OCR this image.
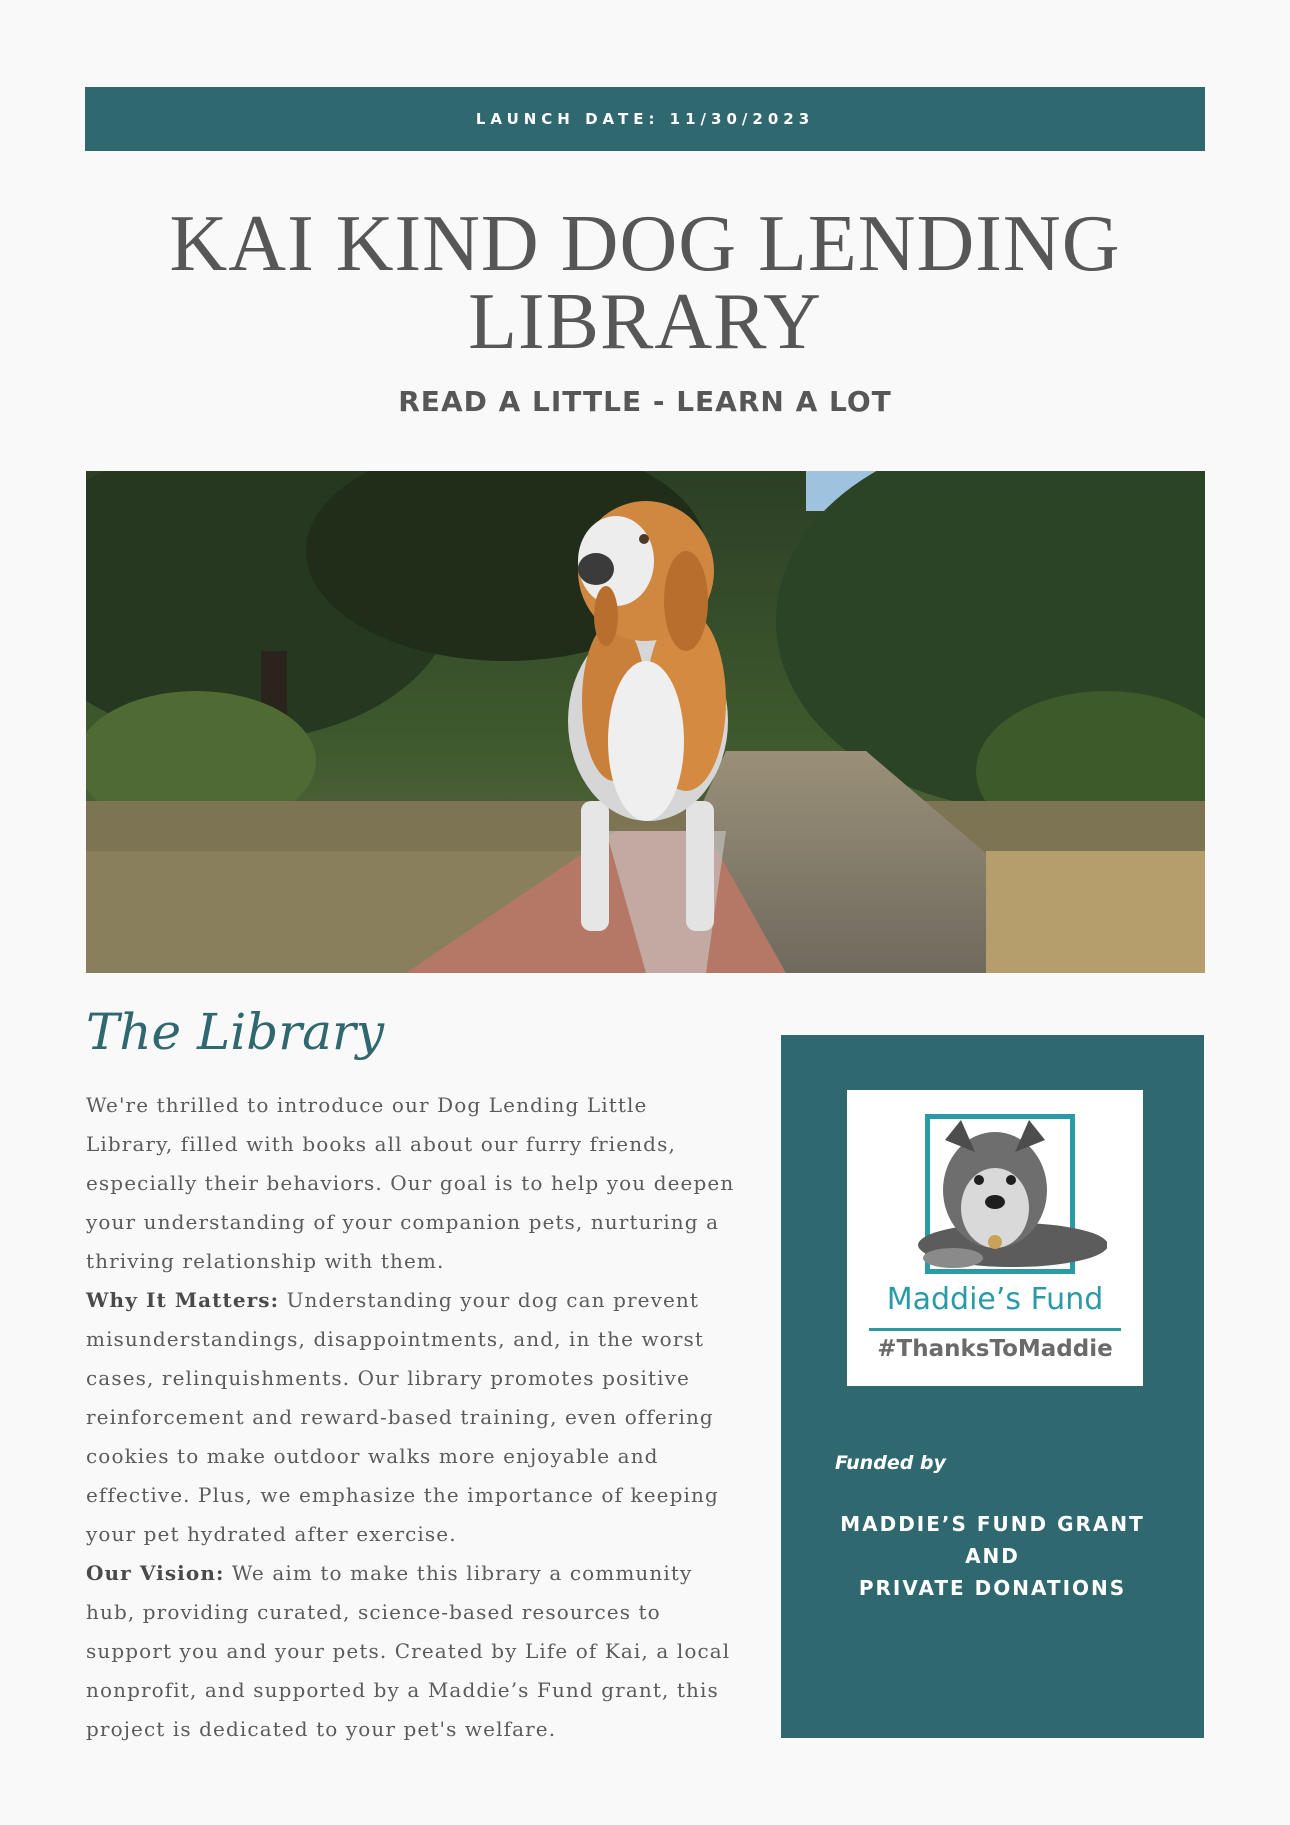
LAUNCH DATE: 11/30/2023
KAI KIND DOG LENDING
LIBRARY
READ A LITTLE - LEARN A LOT
The Library

We're thrilled to introduce our Dog Lending Little Library, filled with books all about our furry friends, especially their behaviors. Our goal is to help you deepen your understanding of your companion pets, nurturing a thriving relationship with them.

Why It Matters: Understanding your dog can prevent misunderstandings, disappointments, and, in the worst cases, relinquishments. Our library promotes positive reinforcement and reward-based training, even offering cookies to make outdoor walks more enjoyable and effective. Plus, we emphasize the importance of keeping your pet hydrated after exercise.

Our Vision: We aim to make this library a community hub, providing curated, science-based resources to support you and your pets. Created by Life of Kai, a local nonprofit, and supported by a Maddie’s Fund grant, this project is dedicated to your pet's welfare.

Maddie’s Fund
#ThanksToMaddie
Funded by
MADDIE’S FUND GRANT
AND
PRIVATE DONATIONS
